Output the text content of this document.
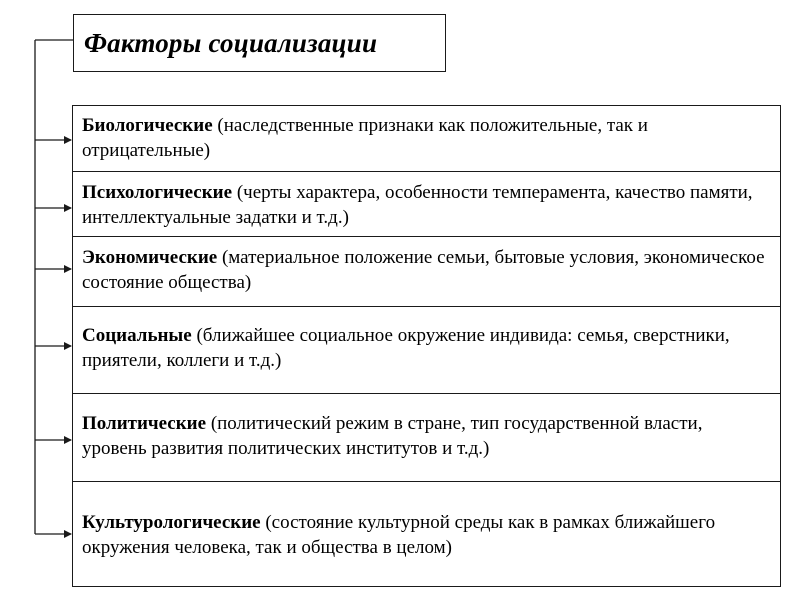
Факторы социализации
Биологические (наследственные признаки как положительные, так и отрицательные)
Психологические (черты характера, особенности темперамента, качество памяти, интеллектуальные задатки и т.д.)
Экономические (материальное положение семьи, бытовые условия, экономическое состояние общества)
Социальные (ближайшее социальное окружение индивида: семья, сверстники, приятели, коллеги и т.д.)
Политические (политический режим в стране, тип государственной власти, уровень развития политических институтов и т.д.)
Культурологические (состояние культурной среды как в рамках ближайшего окружения человека, так и общества в целом)
